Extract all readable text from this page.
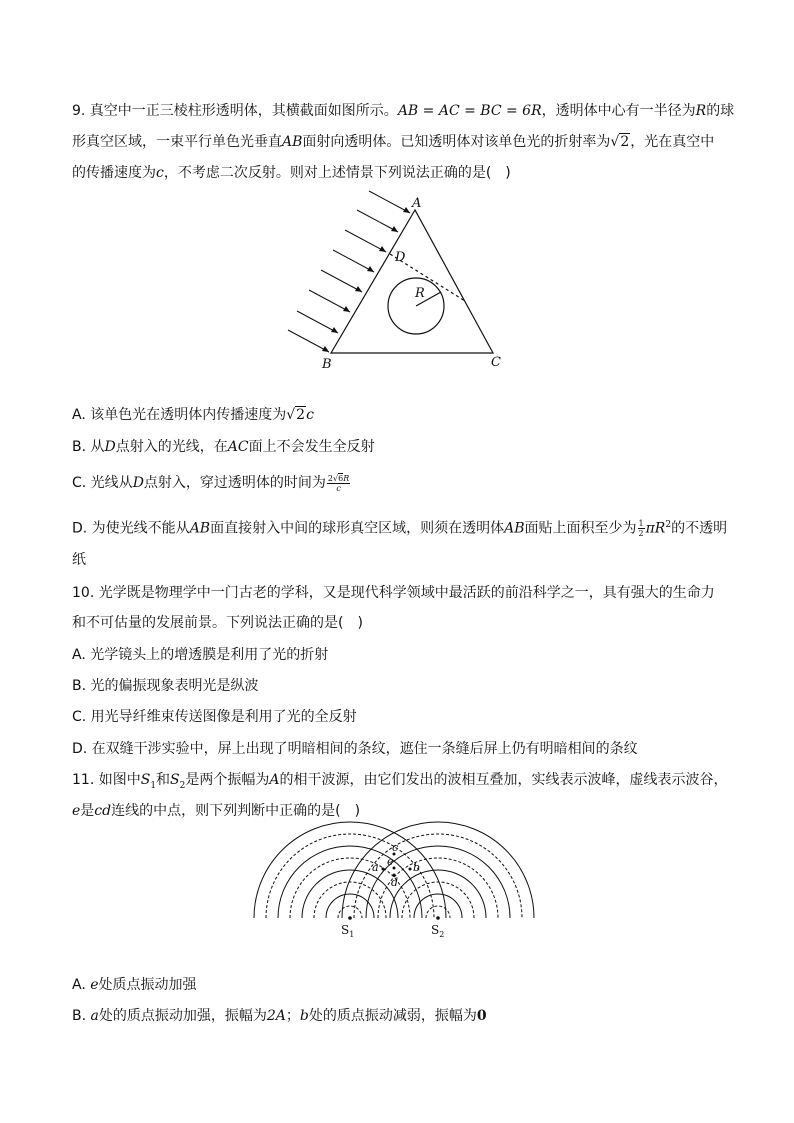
9. 真空中一正三棱柱形透明体，其横截面如图所示。AB = AC = BC = 6R，透明体中心有一半径为R的球
形真空区域，一束平行单色光垂直AB面射向透明体。已知透明体对该单色光的折射率为√2，光在真空中
的传播速度为c，不考虑二次反射。则对上述情景下列说法正确的是(　)
A
B	C
D
R
A. 该单色光在透明体内传播速度为√2c
B. 从D点射入的光线，在AC面上不会发生全反射
C. 光线从D点射入，穿过透明体的时间为 $\frac{2√6R}{c}$
D. 为使光线不能从AB面直接射入中间的球形真空区域，则须在透明体AB面贴上面积至少为 $\frac{1}{2} \pi R^2$的不透明
纸
10. 光学既是物理学中一门古老的学科，又是现代科学领域中最活跃的前沿科学之一，具有强大的生命力
和不可估量的发展前景。下列说法正确的是(　)
A. 光学镜头上的增透膜是利用了光的折射
B. 光的偏振现象表明光是纵波
C. 用光导纤维束传送图像是利用了光的全反射
D. 在双缝干涉实验中，屏上出现了明暗相间的条纹，遮住一条缝后屏上仍有明暗相间的条纹
11. 如图中$S_1$和$S_2$是两个振幅为A的相干波源，由它们发出的波相互叠加，实线表示波峰，虚线表示波谷，
e是cd连线的中点，则下列判断中正确的是(　)
c
e
d
a	b
$S_1$	$S_2$
A. e处质点振动加强
B. a处的质点振动加强，振幅为2A；b处的质点振动减弱，振幅为0
